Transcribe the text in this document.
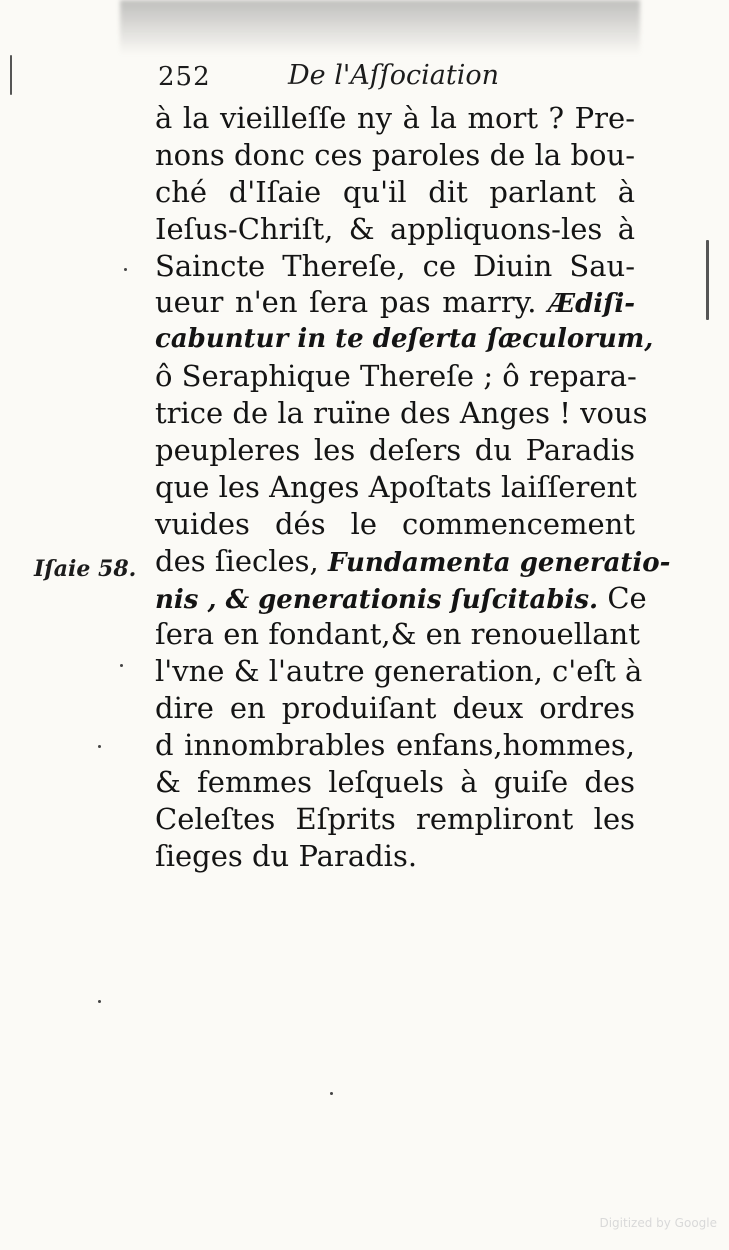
252	De l'Aſſociation
Iſaie 58.
à la vieilleſſe ny à la mort ? Pre-
nons donc ces paroles de la bou-
ché d'Iſaie qu'il dit parlant à
Ieſus-Chriſt, & appliquons-les à
Saincte Thereſe, ce Diuin Sau-
ueur n'en ſera pas marry. Ædiſi-
cabuntur in te deſerta ſæculorum,
ô Seraphique Thereſe ; ô repara-
trice de la ruïne des Anges ! vous
peupleres les deſers du Paradis
que les Anges Apoſtats laiſſerent
vuides dés le commencement
des ſiecles, Fundamenta generatio-
nis , & generationis ſuſcitabis. Ce
ſera en fondant,& en renouellant
l'vne & l'autre generation, c'eſt à
dire en produiſant deux ordres
d innombrables enfans,hommes,
& femmes leſquels à guiſe des
Celeſtes Eſprits rempliront les
ſieges du Paradis.
Digitized by Google
